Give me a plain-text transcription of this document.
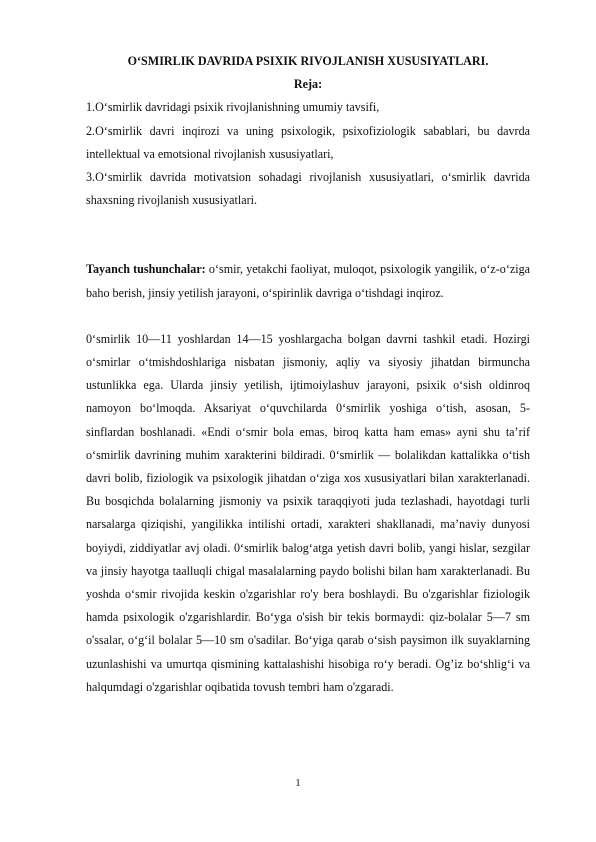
O‘SMIRLIK DAVRIDA PSIXIK RIVOJLANISH XUSUSIYATLARI.

Reja:

1.O‘smirlik davridagi psixik rivojlanishning umumiy tavsifi,

2.O‘smirlik davri inqirozi va uning psixologik, psixofiziologik sabablari, bu davrda intellektual va emotsional rivojlanish xususiyatlari,

3.O‘smirlik davrida motivatsion sohadagi rivojlanish xususiyatlari, o‘smirlik davrida shaxsning rivojlanish xususiyatlari.

Tayanch tushunchalar: o‘smir, yetakchi faoliyat, muloqot, psixologik yangilik, o‘z-o‘ziga baho berish, jinsiy yetilish jarayoni, o‘spirinlik davriga o‘tishdagi inqiroz.

0‘smirlik 10—11 yoshlardan 14—15 yoshlargacha bolgan davrni tashkil etadi. Hozirgi o‘smirlar o‘tmishdoshlariga nisbatan jismoniy, aqliy va siyosiy jihatdan birmuncha ustunlikka ega. Ularda jinsiy yetilish, ijtimoiylashuv jarayoni, psixik o‘sish oldinroq namoyon bo‘lmoqda. Aksariyat o‘quvchilarda 0‘smirlik yoshiga o‘tish, asosan, 5-sinflardan boshlanadi. «Endi o‘smir bola emas, biroq katta ham emas» ayni shu ta’rif o‘smirlik davrining muhim xarakterini bildiradi. 0‘smirlik — bolalikdan kattalikka o‘tish davri bolib, fiziologik va psixologik jihatdan o‘ziga xos xususiyatlari bilan xarakterlanadi. Bu bosqichda bolalarning jismoniy va psixik taraqqiyoti juda tezlashadi, hayotdagi turli narsalarga qiziqishi, yangilikka intilishi ortadi, xarakteri shakllanadi, ma’naviy dunyosi boyiydi, ziddiyatlar avj oladi. 0‘smirlik balog‘atga yetish davri bolib, yangi hislar, sezgilar va jinsiy hayotga taalluqli chigal masalalarning paydo bolishi bilan ham xarakterlanadi. Bu yoshda o‘smir rivojida keskin o'zgarishlar ro'y bera boshlaydi. Bu o'zgarishlar fiziologik hamda psixologik o'zgarishlardir. Bo‘yga o'sish bir tekis bormaydi: qiz-bolalar 5—7 sm o'ssalar, o‘g‘il bolalar 5—10 sm o'sadilar. Bo‘yiga qarab o‘sish paysimon ilk suyaklarning uzunlashishi va umurtqa qismining kattalashishi hisobiga ro‘y beradi. Og’iz bo‘shlig‘i va halqumdagi o'zgarishlar oqibatida tovush tembri ham o'zgaradi.

1
